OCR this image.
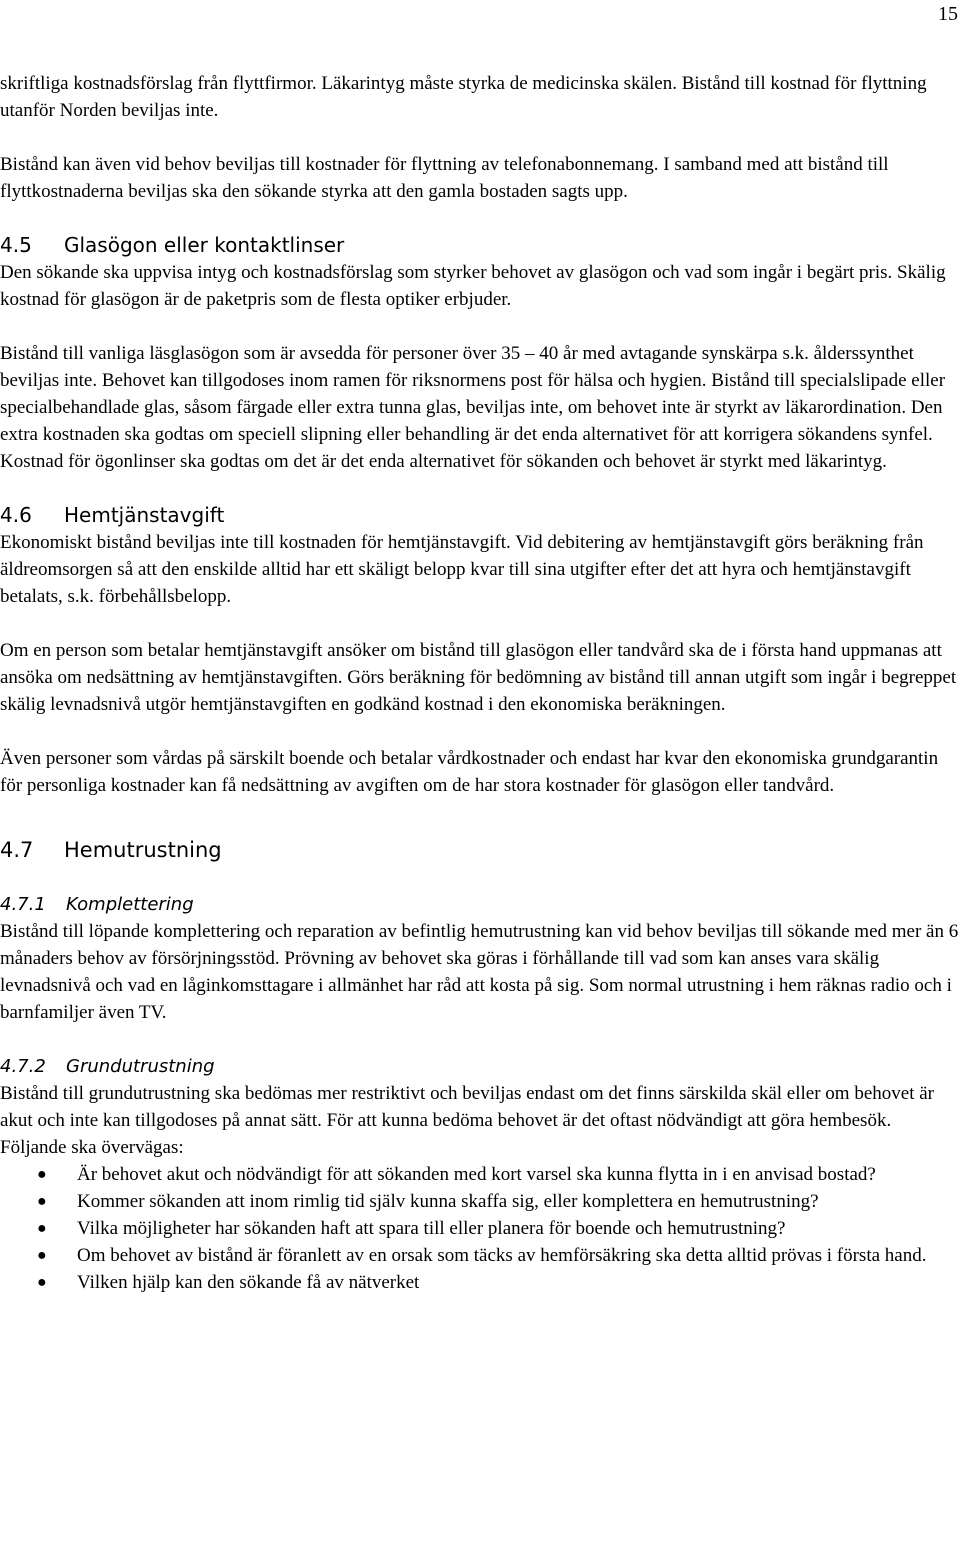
15

skriftliga kostnadsförslag från flyttfirmor. Läkarintyg måste styrka de medicinska skälen. Bistånd till kostnad för flyttning utanför Norden beviljas inte.

Bistånd kan även vid behov beviljas till kostnader för flyttning av telefonabonnemang. I samband med att bistånd till flyttkostnaderna beviljas ska den sökande styrka att den gamla bostaden sagts upp.

4.5 Glasögon eller kontaktlinser

Den sökande ska uppvisa intyg och kostnadsförslag som styrker behovet av glasögon och vad som ingår i begärt pris. Skälig kostnad för glasögon är de paketpris som de flesta optiker erbjuder.

Bistånd till vanliga läsglasögon som är avsedda för personer över 35 – 40 år med avtagande synskärpa s.k. ålderssynthet beviljas inte. Behovet kan tillgodoses inom ramen för riksnormens post för hälsa och hygien. Bistånd till specialslipade eller specialbehandlade glas, såsom färgade eller extra tunna glas, beviljas inte, om behovet inte är styrkt av läkarordination. Den extra kostnaden ska godtas om speciell slipning eller behandling är det enda alternativet för att korrigera sökandens synfel. Kostnad för ögonlinser ska godtas om det är det enda alternativet för sökanden och behovet är styrkt med läkarintyg.

4.6 Hemtjänstavgift

Ekonomiskt bistånd beviljas inte till kostnaden för hemtjänstavgift. Vid debitering av hemtjänstavgift görs beräkning från äldreomsorgen så att den enskilde alltid har ett skäligt belopp kvar till sina utgifter efter det att hyra och hemtjänstavgift betalats, s.k. förbehållsbelopp.

Om en person som betalar hemtjänstavgift ansöker om bistånd till glasögon eller tandvård ska de i första hand uppmanas att ansöka om nedsättning av hemtjänstavgiften. Görs beräkning för bedömning av bistånd till annan utgift som ingår i begreppet skälig levnadsnivå utgör hemtjänstavgiften en godkänd kostnad i den ekonomiska beräkningen.

Även personer som vårdas på särskilt boende och betalar vårdkostnader och endast har kvar den ekonomiska grundgarantin för personliga kostnader kan få nedsättning av avgiften om de har stora kostnader för glasögon eller tandvård.

4.7 Hemutrustning
4.7.1 Komplettering

Bistånd till löpande komplettering och reparation av befintlig hemutrustning kan vid behov beviljas till sökande med mer än 6 månaders behov av försörjningsstöd. Prövning av behovet ska göras i förhållande till vad som kan anses vara skälig levnadsnivå och vad en låginkomsttagare i allmänhet har råd att kosta på sig. Som normal utrustning i hem räknas radio och i barnfamiljer även TV.

4.7.2 Grundutrustning

Bistånd till grundutrustning ska bedömas mer restriktivt och beviljas endast om det finns särskilda skäl eller om behovet är akut och inte kan tillgodoses på annat sätt. För att kunna bedöma behovet är det oftast nödvändigt att göra hembesök.

Följande ska övervägas:

● Är behovet akut och nödvändigt för att sökanden med kort varsel ska kunna flytta in i en anvisad bostad?
● Kommer sökanden att inom rimlig tid själv kunna skaffa sig, eller komplettera en hemutrustning?
● Vilka möjligheter har sökanden haft att spara till eller planera för boende och hemutrustning?
● Om behovet av bistånd är föranlett av en orsak som täcks av hemförsäkring ska detta alltid prövas i första hand.
● Vilken hjälp kan den sökande få av nätverket
